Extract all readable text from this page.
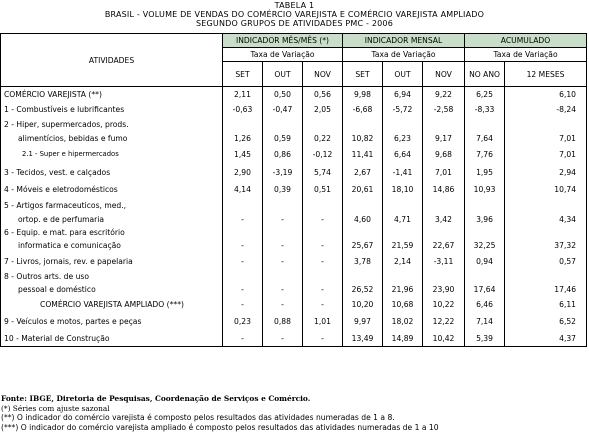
TABELA 1
BRASIL - VOLUME DE VENDAS DO COMÉRCIO VAREJISTA E COMÉRCIO VAREJISTA AMPLIADO
SEGUNDO GRUPOS DE ATIVIDADES PMC - 2006
ATIVIDADES	INDICADOR MÊS/MÊS (*)			INDICADOR MENSAL			ACUMULADO	
	Taxa de Variação			Taxa de Variação			Taxa de Variação	
	SET	OUT	NOV	SET	OUT	NOV	NO ANO	12 MESES
COMÉRCIO VAREJISTA (**)	2,11	0,50	0,56	9,98	6,94	9,22	6,25	6,10
1 - Combustíveis e lubrificantes	-0,63	-0,47	2,05	-6,68	-5,72	-2,58	-8,33	-8,24
2 - Hiper, supermercados, prods.								
alimentícios, bebidas e fumo	1,26	0,59	0,22	10,82	6,23	9,17	7,64	7,01
2.1 - Super e hipermercados	1,45	0,86	-0,12	11,41	6,64	9,68	7,76	7,01
3 - Tecidos, vest. e calçados	2,90	-3,19	5,74	2,67	-1,41	7,01	1,95	2,94
4 - Móveis e eletrodomésticos	4,14	0,39	0,51	20,61	18,10	14,86	10,93	10,74
5 - Artigos farmaceuticos, med.,								
ortop. e de perfumaria	-	-	-	4,60	4,71	3,42	3,96	4,34
6 - Equip. e mat. para escritório								
informatica e comunicação	-	-	-	25,67	21,59	22,67	32,25	37,32
7 - Livros, jornais, rev. e papelaria	-	-	-	3,78	2,14	-3,11	0,94	0,57
8 - Outros arts. de uso								
pessoal e doméstico	-	-	-	26,52	21,96	23,90	17,64	17,46
COMÉRCIO VAREJISTA AMPLIADO (***)	-	-	-	10,20	10,68	10,22	6,46	6,11
9 - Veículos e motos, partes e peças	0,23	0,88	1,01	9,97	18,02	12,22	7,14	6,52
10 - Material de Construção	-	-	-	13,49	14,89	10,42	5,39	4,37
Fonte: IBGE, Diretoria de Pesquisas, Coordenação de Serviços e Comércio.
(*) Séries com ajuste sazonal
(**) O indicador do comércio varejista é composto pelos resultados das atividades numeradas de 1 a 8.
(***) O indicador do comércio varejista ampliado é composto pelos resultados das atividades numeradas de 1 a 10
